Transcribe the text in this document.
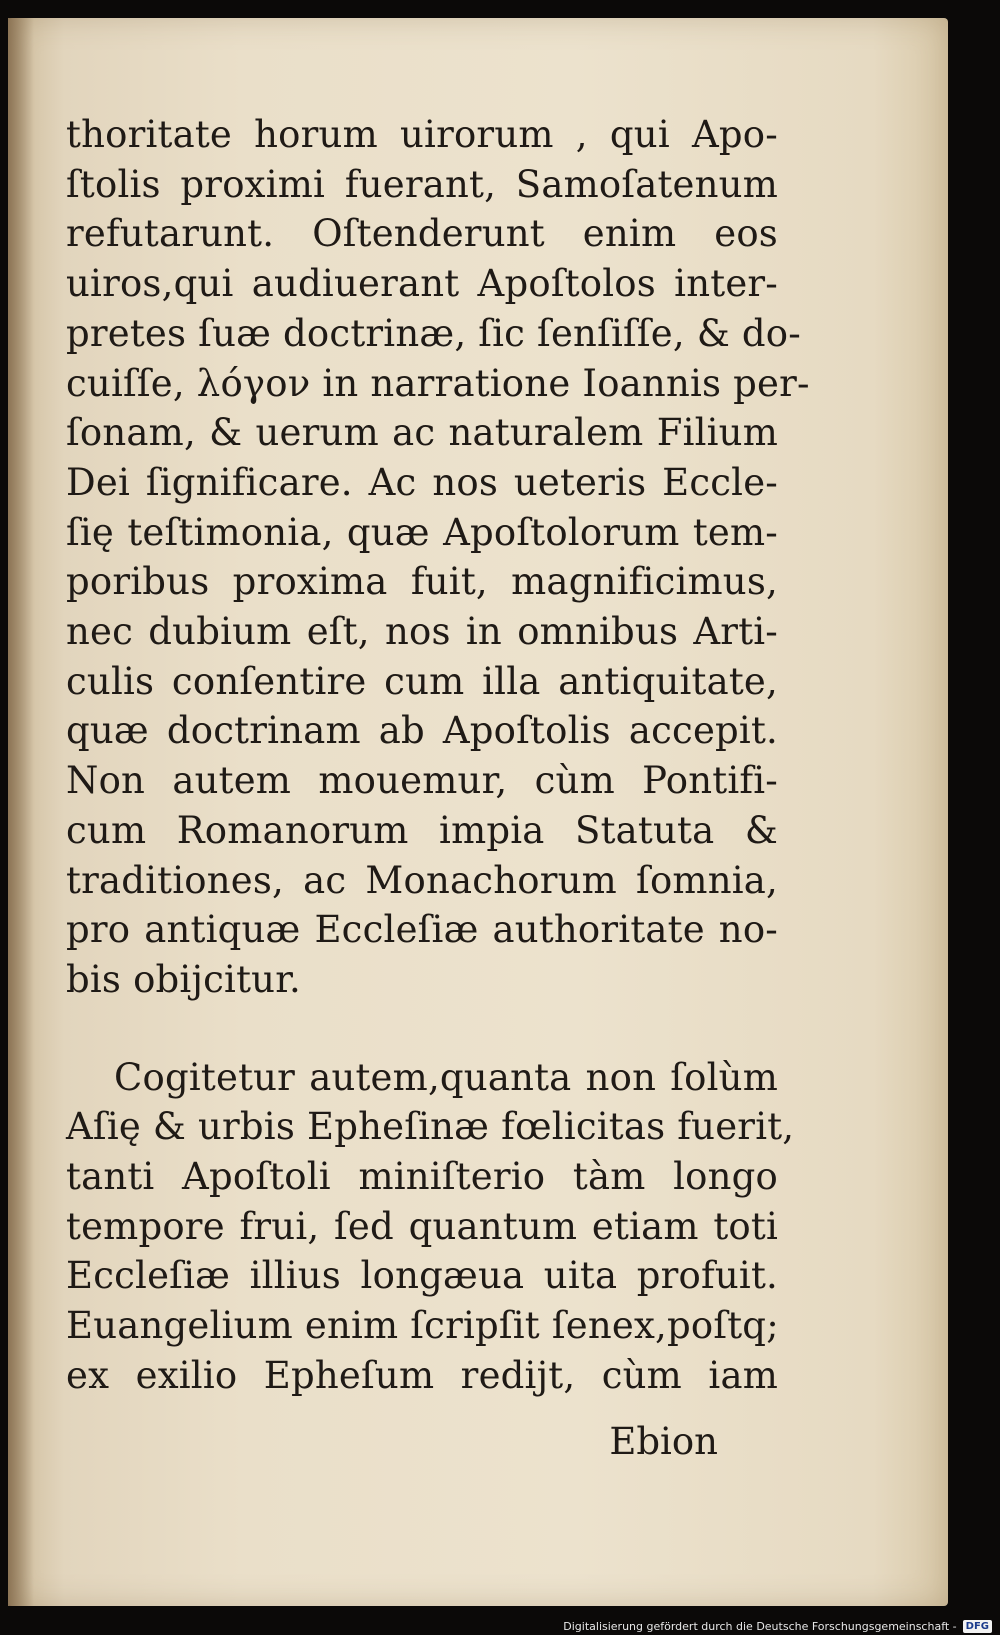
thoritate horum uirorum , qui Apo-
ſtolis proximi fuerant, Samoſatenum
refutarunt. Oſtenderunt enim eos
uiros,qui audiuerant Apoſtolos inter-
pretes ſuæ doctrinæ, ſic ſenſiſſe, & do-
cuiſſe, λόγον in narratione Ioannis per-
ſonam, & uerum ac naturalem Filium
Dei ſignificare. Ac nos ueteris Eccle-
ſię teſtimonia, quæ Apoſtolorum tem-
poribus proxima fuit, magnificimus,
nec dubium eſt, nos in omnibus Arti-
culis conſentire cum illa antiquitate,
quæ doctrinam ab Apoſtolis accepit.
Non autem mouemur, cùm Pontifi-
cum Romanorum impia Statuta &
traditiones, ac Monachorum ſomnia,
pro antiquæ Eccleſiæ authoritate no-
bis obijcitur.
Cogitetur autem,quanta non ſolùm
Aſię & urbis Epheſinæ fœlicitas fuerit,
tanti Apoſtoli miniſterio tàm longo
tempore frui, ſed quantum etiam toti
Eccleſiæ illius longæua uita profuit.
Euangelium enim ſcripſit ſenex,poſtq;
ex exilio Epheſum redijt, cùm iam
Ebion
Digitalisierung gefördert durch die Deutsche Forschungsgemeinschaft - DFG
